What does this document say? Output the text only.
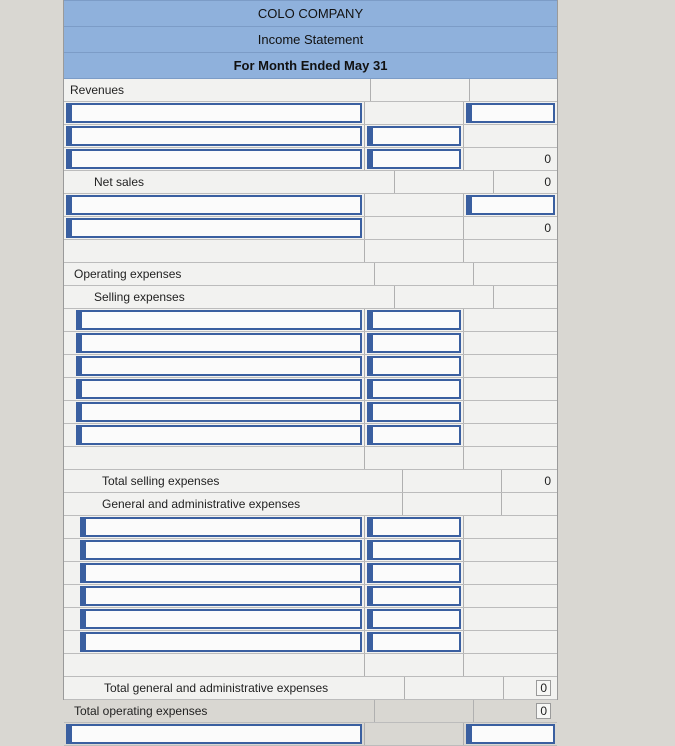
COLO COMPANY
Income Statement
For Month Ended May 31
Revenues
0
Net sales	0
0
Operating expenses
Selling expenses
Total selling expenses	0
General and administrative expenses
Total general and administrative expenses	0
Total operating expenses	0
